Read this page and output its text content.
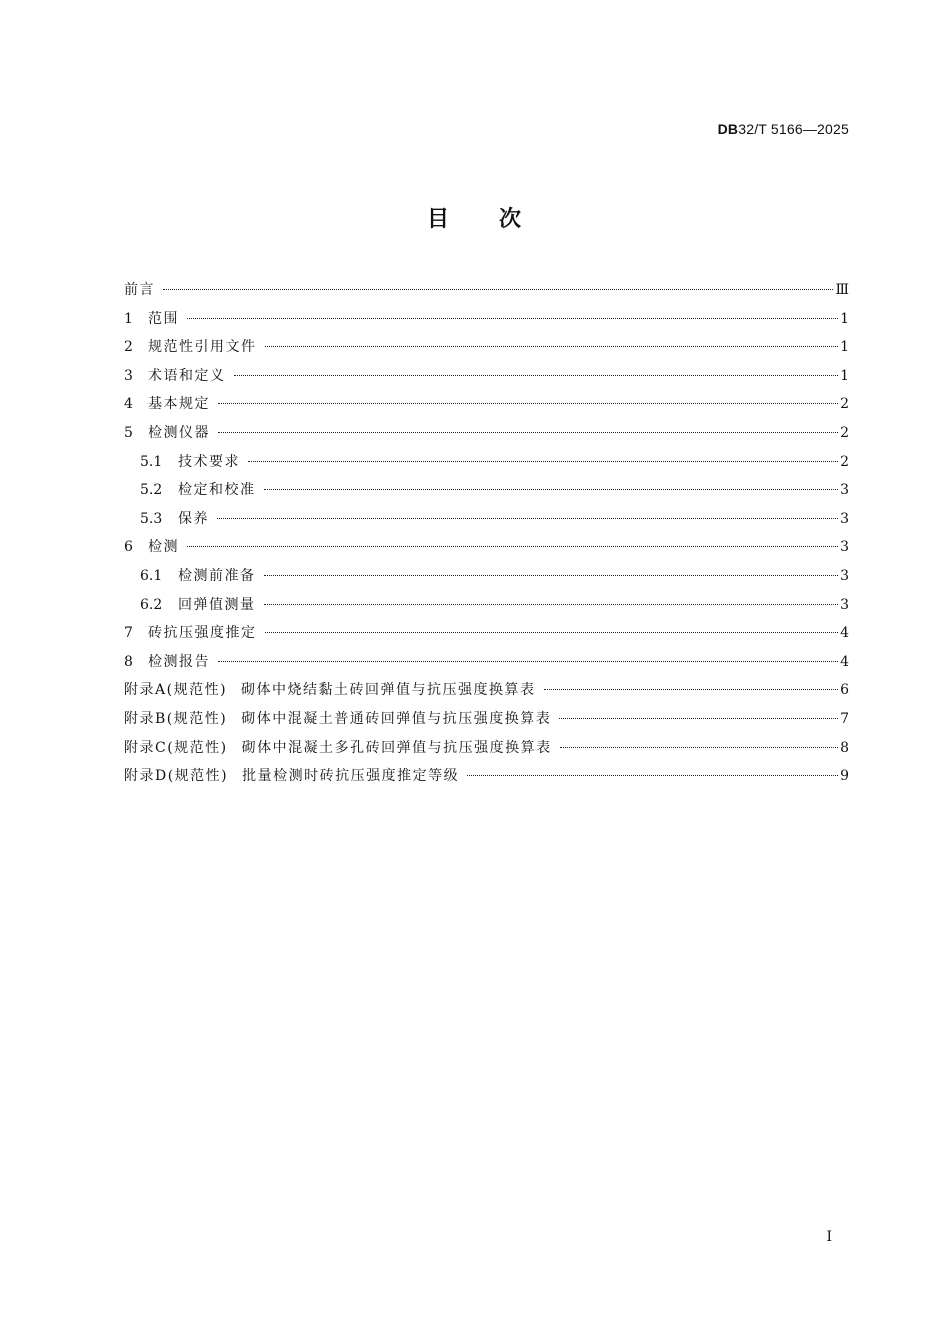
DB32/T 5166—2025
目 次
前言	Ⅲ
1	范围	1
2	规范性引用文件	1
3	术语和定义	1
4	基本规定	2
5	检测仪器	2
5.1	技术要求	2
5.2	检定和校准	3
5.3	保养	3
6	检测	3
6.1	检测前准备	3
6.2	回弹值测量	3
7	砖抗压强度推定	4
8	检测报告	4
附录A(规范性) 砌体中烧结黏土砖回弹值与抗压强度换算表	6
附录B(规范性) 砌体中混凝土普通砖回弹值与抗压强度换算表	7
附录C(规范性) 砌体中混凝土多孔砖回弹值与抗压强度换算表	8
附录D(规范性) 批量检测时砖抗压强度推定等级	9
I
